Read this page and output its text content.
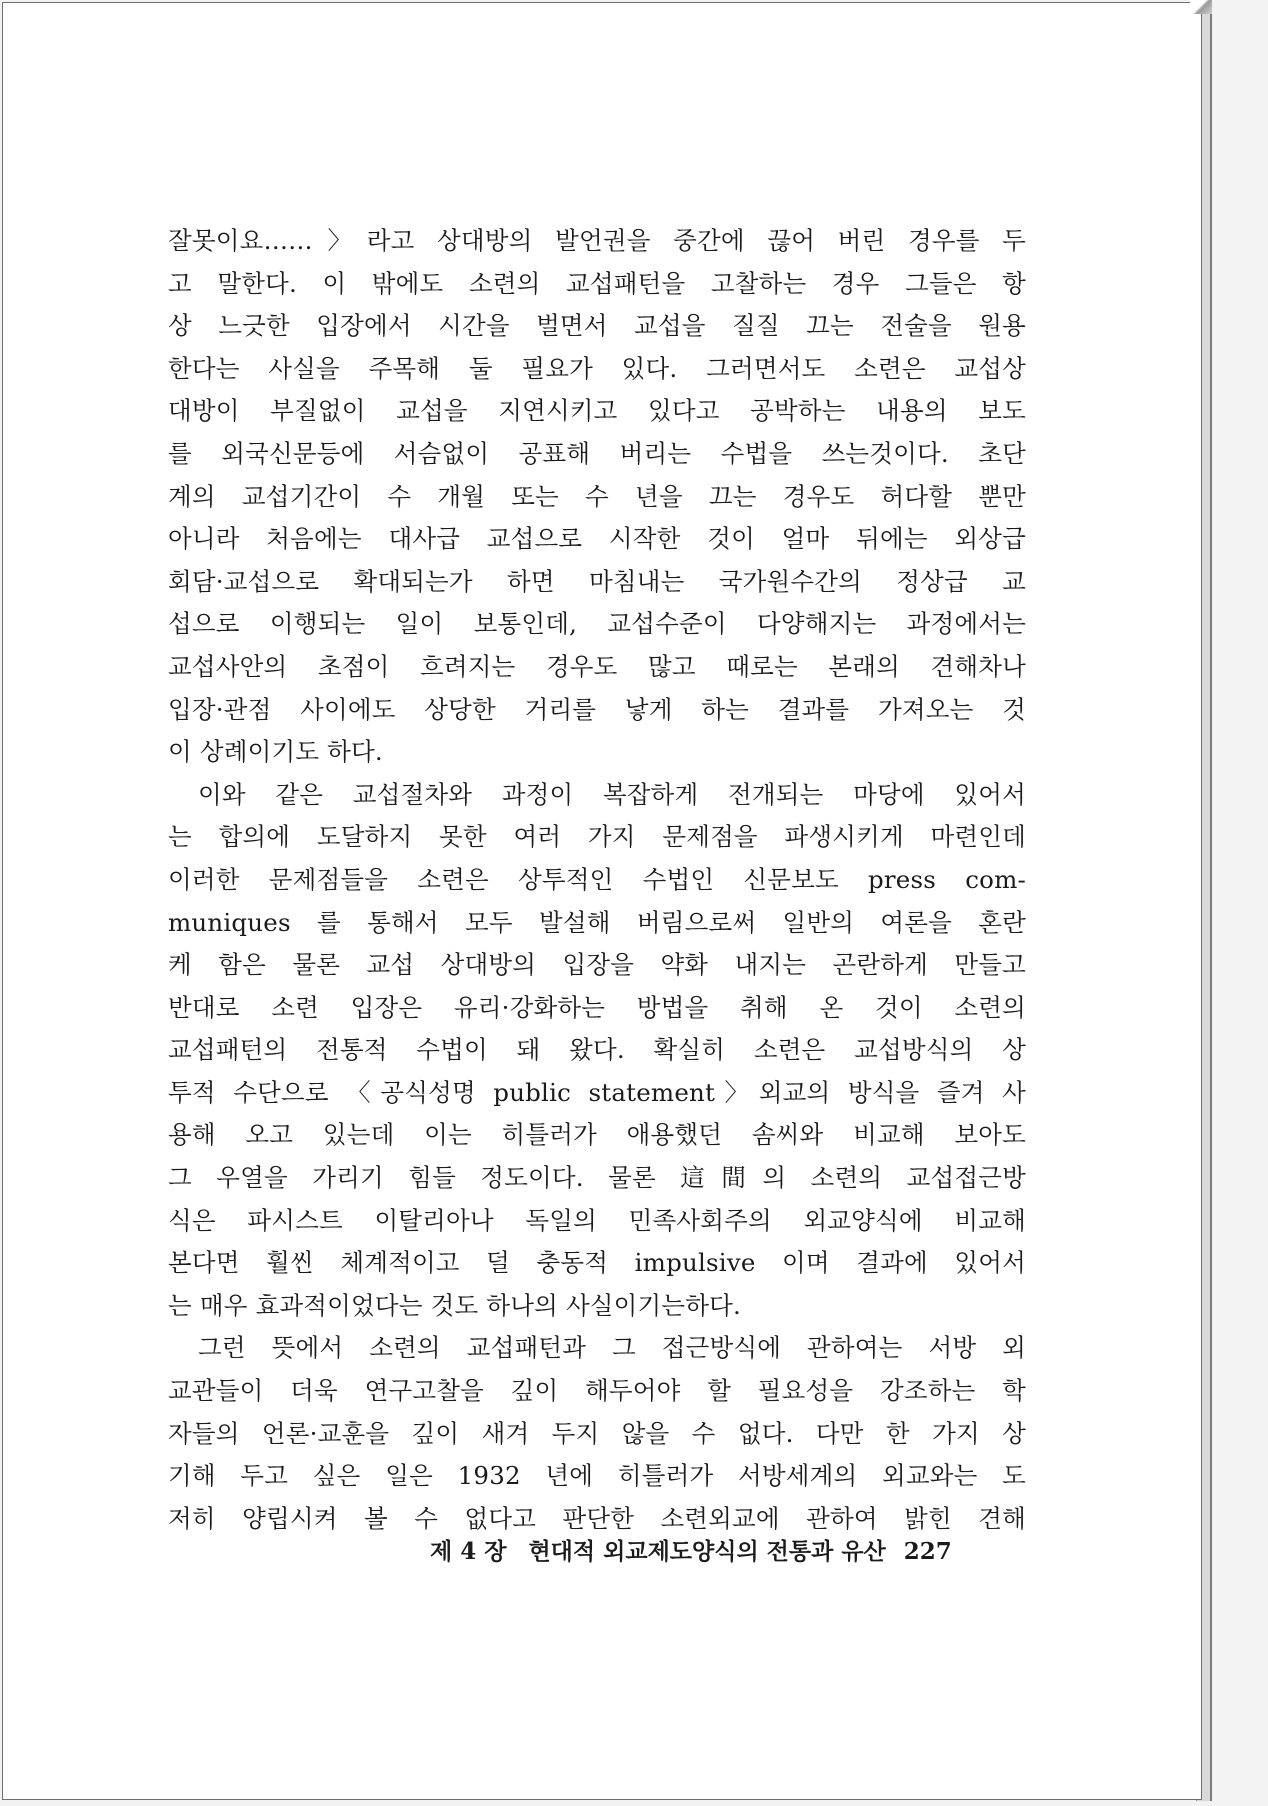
잘못이요……〉라고 상대방의 발언권을 중간에 끊어 버린 경우를 두
고 말한다. 이 밖에도 소련의 교섭패턴을 고찰하는 경우 그들은 항
상 느긋한 입장에서 시간을 벌면서 교섭을 질질 끄는 전술을 원용
한다는 사실을 주목해 둘 필요가 있다. 그러면서도 소련은 교섭상
대방이 부질없이 교섭을 지연시키고 있다고 공박하는 내용의 보도
를 외국신문등에 서슴없이 공표해 버리는 수법을 쓰는것이다. 초단
계의 교섭기간이 수 개월 또는 수 년을 끄는 경우도 허다할 뿐만
아니라 처음에는 대사급 교섭으로 시작한 것이 얼마 뒤에는 외상급
회담·교섭으로 확대되는가 하면 마침내는 국가원수간의 정상급 교
섭으로 이행되는 일이 보통인데, 교섭수준이 다양해지는 과정에서는
교섭사안의 초점이 흐려지는 경우도 많고 때로는 본래의 견해차나
입장·관점 사이에도 상당한 거리를 낳게 하는 결과를 가져오는 것
이 상례이기도 하다.
이와 같은 교섭절차와 과정이 복잡하게 전개되는 마당에 있어서
는 합의에 도달하지 못한 여러 가지 문제점을 파생시키게 마련인데
이러한 문제점들을 소련은 상투적인 수법인 신문보도 press com-
muniques 를 통해서 모두 발설해 버림으로써 일반의 여론을 혼란
케 함은 물론 교섭 상대방의 입장을 약화 내지는 곤란하게 만들고
반대로 소련 입장은 유리·강화하는 방법을 취해 온 것이 소련의
교섭패턴의 전통적 수법이 돼 왔다. 확실히 소련은 교섭방식의 상
투적 수단으로 〈공식성명 public statement〉외교의 방식을 즐겨 사
용해 오고 있는데 이는 히틀러가 애용했던 솜씨와 비교해 보아도
그 우열을 가리기 힘들 정도이다. 물론 這間의 소련의 교섭접근방
식은 파시스트 이탈리아나 독일의 민족사회주의 외교양식에 비교해
본다면 훨씬 체계적이고 덜 충동적 impulsive 이며 결과에 있어서
는 매우 효과적이었다는 것도 하나의 사실이기는하다.
그런 뜻에서 소련의 교섭패턴과 그 접근방식에 관하여는 서방 외
교관들이 더욱 연구고찰을 깊이 해두어야 할 필요성을 강조하는 학
자들의 언론·교훈을 깊이 새겨 두지 않을 수 없다. 다만 한 가지 상
기해 두고 싶은 일은 1932 년에 히틀러가 서방세계의 외교와는 도
저히 양립시켜 볼 수 없다고 판단한 소련외교에 관하여 밝힌 견해
제 4 장 현대적 외교제도양식의 전통과 유산 227
